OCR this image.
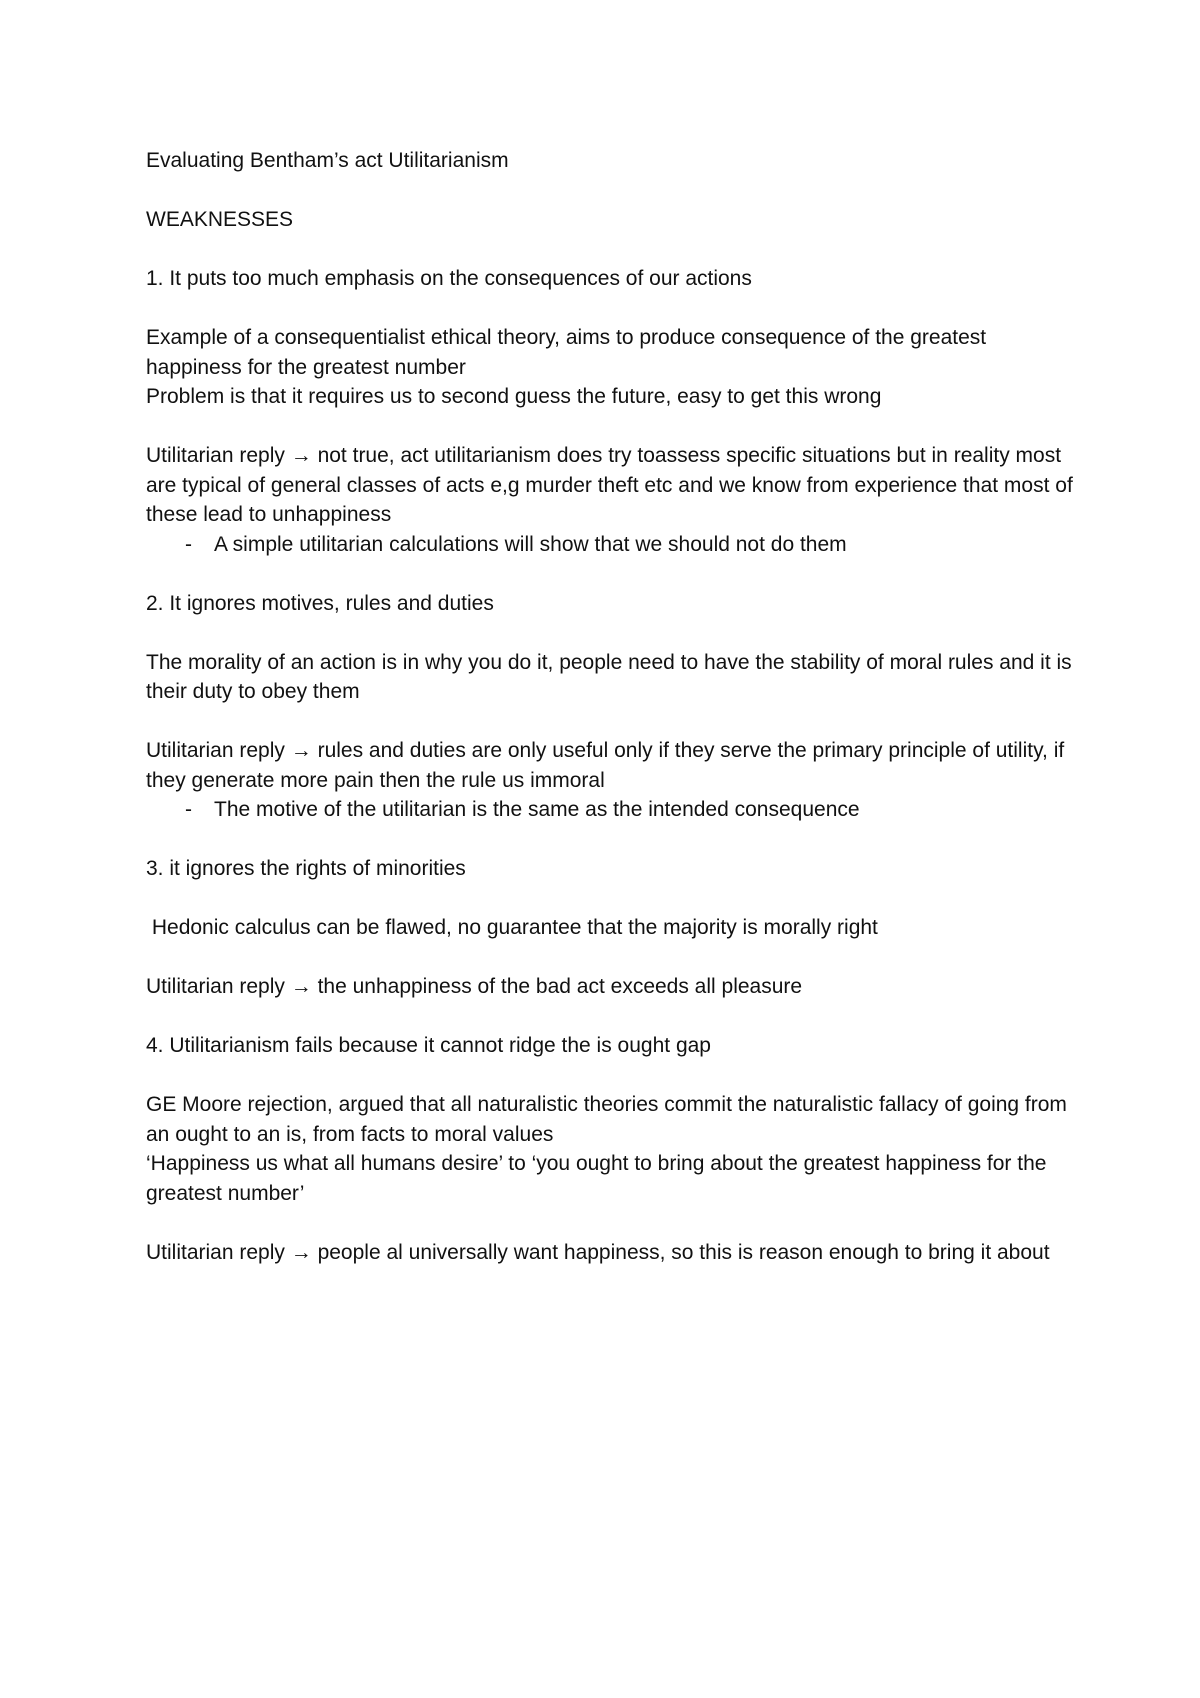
Evaluating Bentham’s act Utilitarianism

WEAKNESSES

1. It puts too much emphasis on the consequences of our actions

Example of a consequentialist ethical theory, aims to produce consequence of the greatest happiness for the greatest number

Problem is that it requires us to second guess the future, easy to get this wrong

Utilitarian reply → not true, act utilitarianism does try toassess specific situations but in reality most are typical of general classes of acts e,g murder theft etc and we know from experience that most of these lead to unhappiness

-	A simple utilitarian calculations will show that we should not do them

2. It ignores motives, rules and duties

The morality of an action is in why you do it, people need to have the stability of moral rules and it is their duty to obey them

Utilitarian reply → rules and duties are only useful only if they serve the primary principle of utility, if they generate more pain then the rule us immoral

-	The motive of the utilitarian is the same as the intended consequence

3. it ignores the rights of minorities

Hedonic calculus can be flawed, no guarantee that the majority is morally right

Utilitarian reply → the unhappiness of the bad act exceeds all pleasure

4. Utilitarianism fails because it cannot ridge the is ought gap

GE Moore rejection, argued that all naturalistic theories commit the naturalistic fallacy of going from an ought to an is, from facts to moral values

‘Happiness us what all humans desire’ to ‘you ought to bring about the greatest happiness for the greatest number’

Utilitarian reply → people al universally want happiness, so this is reason enough to bring it about
